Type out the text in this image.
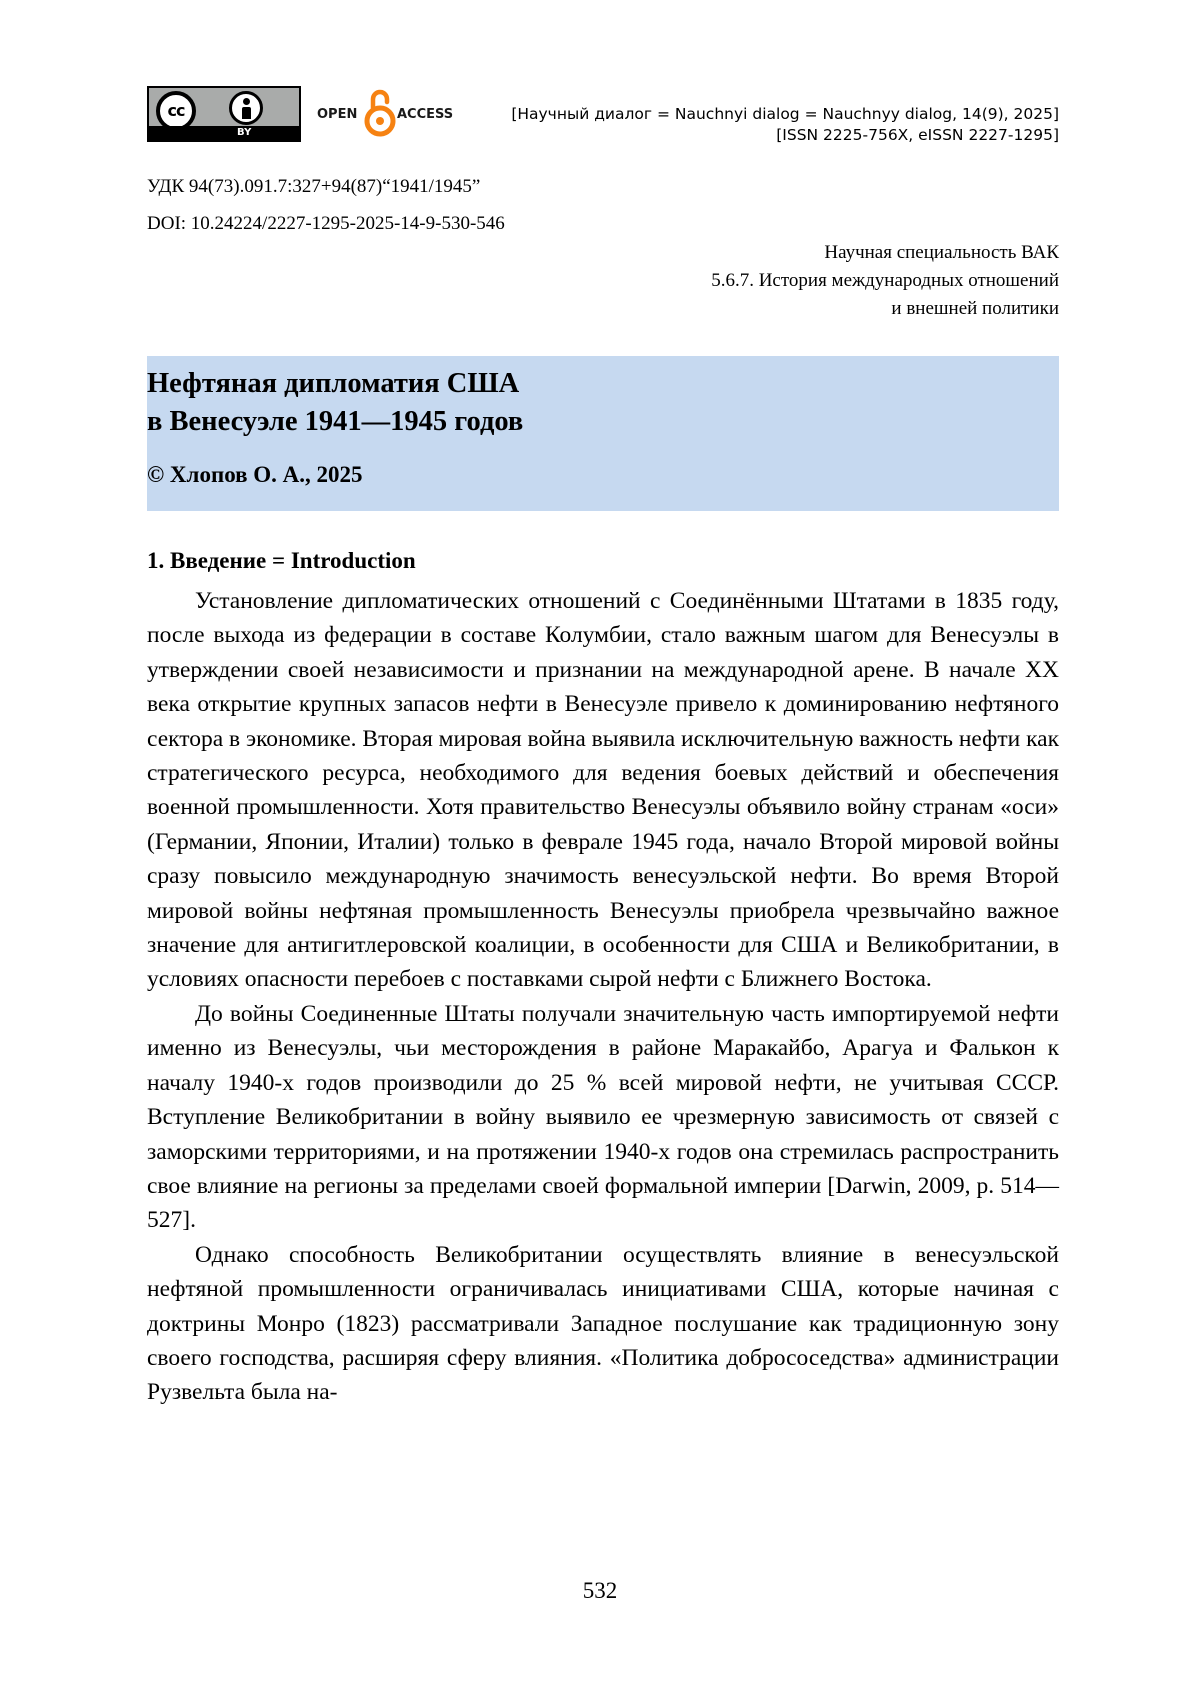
cc
BY
OPEN	ACCESS	[Научный диалог = Nauchnyi dialog = Nauchnyy dialog, 14(9), 2025]
[ISSN 2225-756X, eISSN 2227-1295]
УДК 94(73).091.7:327+94(87)“1941/1945”
DOI: 10.24224/2227-1295-2025-14-9-530-546
Научная специальность ВАК
5.6.7. История международных отношений
и внешней политики
Нефтяная дипломатия США
в Венесуэле 1941—1945 годов
© Хлопов О. А., 2025
1. Введение = Introduction

Установление дипломатических отношений с Соединёнными Штатами в 1835 году, после выхода из федерации в составе Колумбии, стало важным шагом для Венесуэлы в утверждении своей независимости и признании на международной арене. В начале XX века открытие крупных запасов нефти в Венесуэле привело к доминированию нефтяного сектора в экономике. Вторая мировая война выявила исключительную важность нефти как стратегического ресурса, необходимого для ведения боевых действий и обеспечения военной промышленности. Хотя правительство Венесуэлы объявило войну странам «оси» (Германии, Японии, Италии) только в феврале 1945 года, начало Второй мировой войны сразу повысило международную значимость венесуэльской нефти. Во время Второй мировой войны нефтяная промышленность Венесуэлы приобрела чрезвычайно важное значение для антигитлеровской коалиции, в особенности для США и Великобритании, в условиях опасности перебоев с поставками сырой нефти с Ближнего Востока.

До войны Соединенные Штаты получали значительную часть импортируемой нефти именно из Венесуэлы, чьи месторождения в районе Маракайбо, Арагуа и Фалькон к началу 1940-х годов производили до 25 % всей мировой нефти, не учитывая СССР. Вступление Великобритании в войну выявило ее чрезмерную зависимость от связей с заморскими территориями, и на протяжении 1940-х годов она стремилась распространить свое влияние на регионы за пределами своей формальной империи [Darwin, 2009, p. 514—527].

Однако способность Великобритании осуществлять влияние в венесуэльской нефтяной промышленности ограничивалась инициативами США, которые начиная с доктрины Монро (1823) рассматривали Западное послушание как традиционную зону своего господства, расширяя сферу влияния. «Политика добрососедства» администрации Рузвельта была на-

532
